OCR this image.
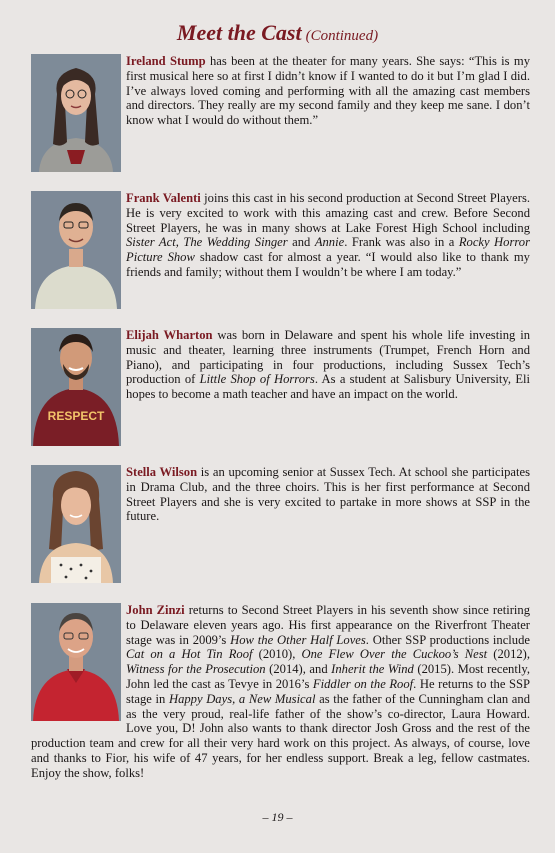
Meet the Cast (Continued)
Ireland Stump has been at the theater for many years. She says: “This is my first musical here so at first I didn’t know if I wanted to do it but I’m glad I did. I’ve always loved coming and performing with all the amazing cast members and directors. They really are my second family and they keep me sane. I don’t know what I would do without them.”
Frank Valenti joins this cast in his second production at Second Street Players. He is very excited to work with this amazing cast and crew. Before Second Street Players, he was in many shows at Lake Forest High School including Sister Act, The Wedding Singer and Annie. Frank was also in a Rocky Horror Picture Show shadow cast for almost a year. “I would also like to thank my friends and family; without them I wouldn’t be where I am today.”
RESPECT
Elijah Wharton was born in Delaware and spent his whole life investing in music and theater, learning three instruments (Trumpet, French Horn and Piano), and participating in four productions, including Sussex Tech’s production of Little Shop of Horrors. As a student at Salisbury University, Eli hopes to become a math teacher and have an impact on the world.
Stella Wilson is an upcoming senior at Sussex Tech. At school she participates in Drama Club, and the three choirs. This is her first performance at Second Street Players and she is very excited to partake in more shows at SSP in the future.
John Zinzi returns to Second Street Players in his seventh show since retiring to Delaware eleven years ago. His first appearance on the Riverfront Theater stage was in 2009’s How the Other Half Loves. Other SSP productions include Cat on a Hot Tin Roof (2010), One Flew Over the Cuckoo’s Nest (2012), Witness for the Prosecution (2014), and Inherit the Wind (2015). Most recently, John led the cast as Tevye in 2016’s Fiddler on the Roof. He returns to the SSP stage in Happy Days, a New Musical as the father of the Cunningham clan and as the very proud, real-life father of the show’s co-director, Laura Howard. Love you, D! John also wants to thank director Josh Gross and the rest of the production team and crew for all their very hard work on this project. As always, of course, love and thanks to Fior, his wife of 47 years, for her endless support. Break a leg, fellow castmates. Enjoy the show, folks!
– 19 –
